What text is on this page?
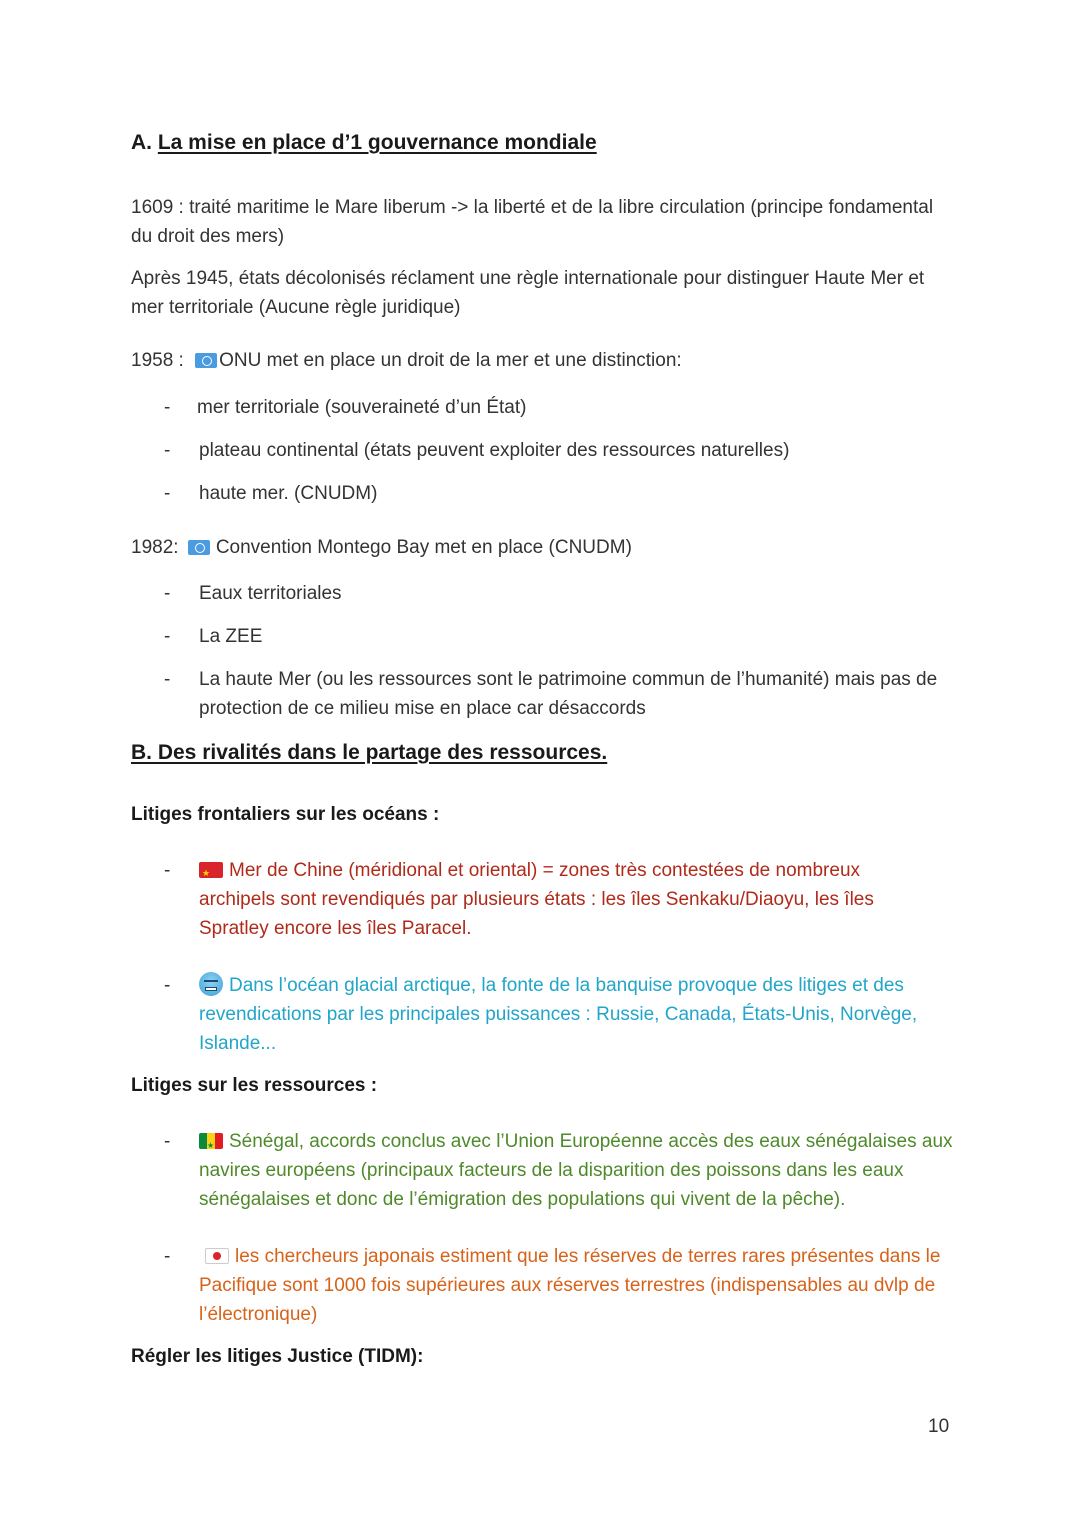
A. La mise en place d’1 gouvernance mondiale
1609 : traité maritime le Mare liberum -> la liberté et de la libre circulation (principe fondamental du droit des mers)
Après 1945, états décolonisés réclament une règle internationale pour distinguer Haute Mer et mer territoriale (Aucune règle juridique)
1958 : ONU met en place un droit de la mer et une distinction:
- mer territoriale (souveraineté d’un État)
- plateau continental (états peuvent exploiter des ressources naturelles)
- haute mer. (CNUDM)
1982: Convention Montego Bay met en place (CNUDM)
- Eaux territoriales
- La ZEE
- La haute Mer (ou les ressources sont le patrimoine commun de l’humanité) mais pas de protection de ce milieu mise en place car désaccords
B. Des rivalités dans le partage des ressources.
Litiges frontaliers sur les océans :
- ★	Mer de Chine (méridional et oriental) = zones très contestées de nombreux archipels sont revendiqués par plusieurs états : les îles Senkaku/Diaoyu, les îles Spratley encore les îles Paracel.
-	Dans l’océan glacial arctique, la fonte de la banquise provoque des litiges et des revendications par les principales puissances : Russie, Canada, États-Unis, Norvège, Islande...
Litiges sur les ressources :
- ★	Sénégal, accords conclus avec l’Union Européenne accès des eaux sénégalaises aux navires européens (principaux facteurs de la disparition des poissons dans les eaux sénégalaises et donc de l’émigration des populations qui vivent de la pêche).
-	les chercheurs japonais estiment que les réserves de terres rares présentes dans le Pacifique sont 1000 fois supérieures aux réserves terrestres (indispensables au dvlp de l’électronique)
Régler les litiges Justice (TIDM):
10
